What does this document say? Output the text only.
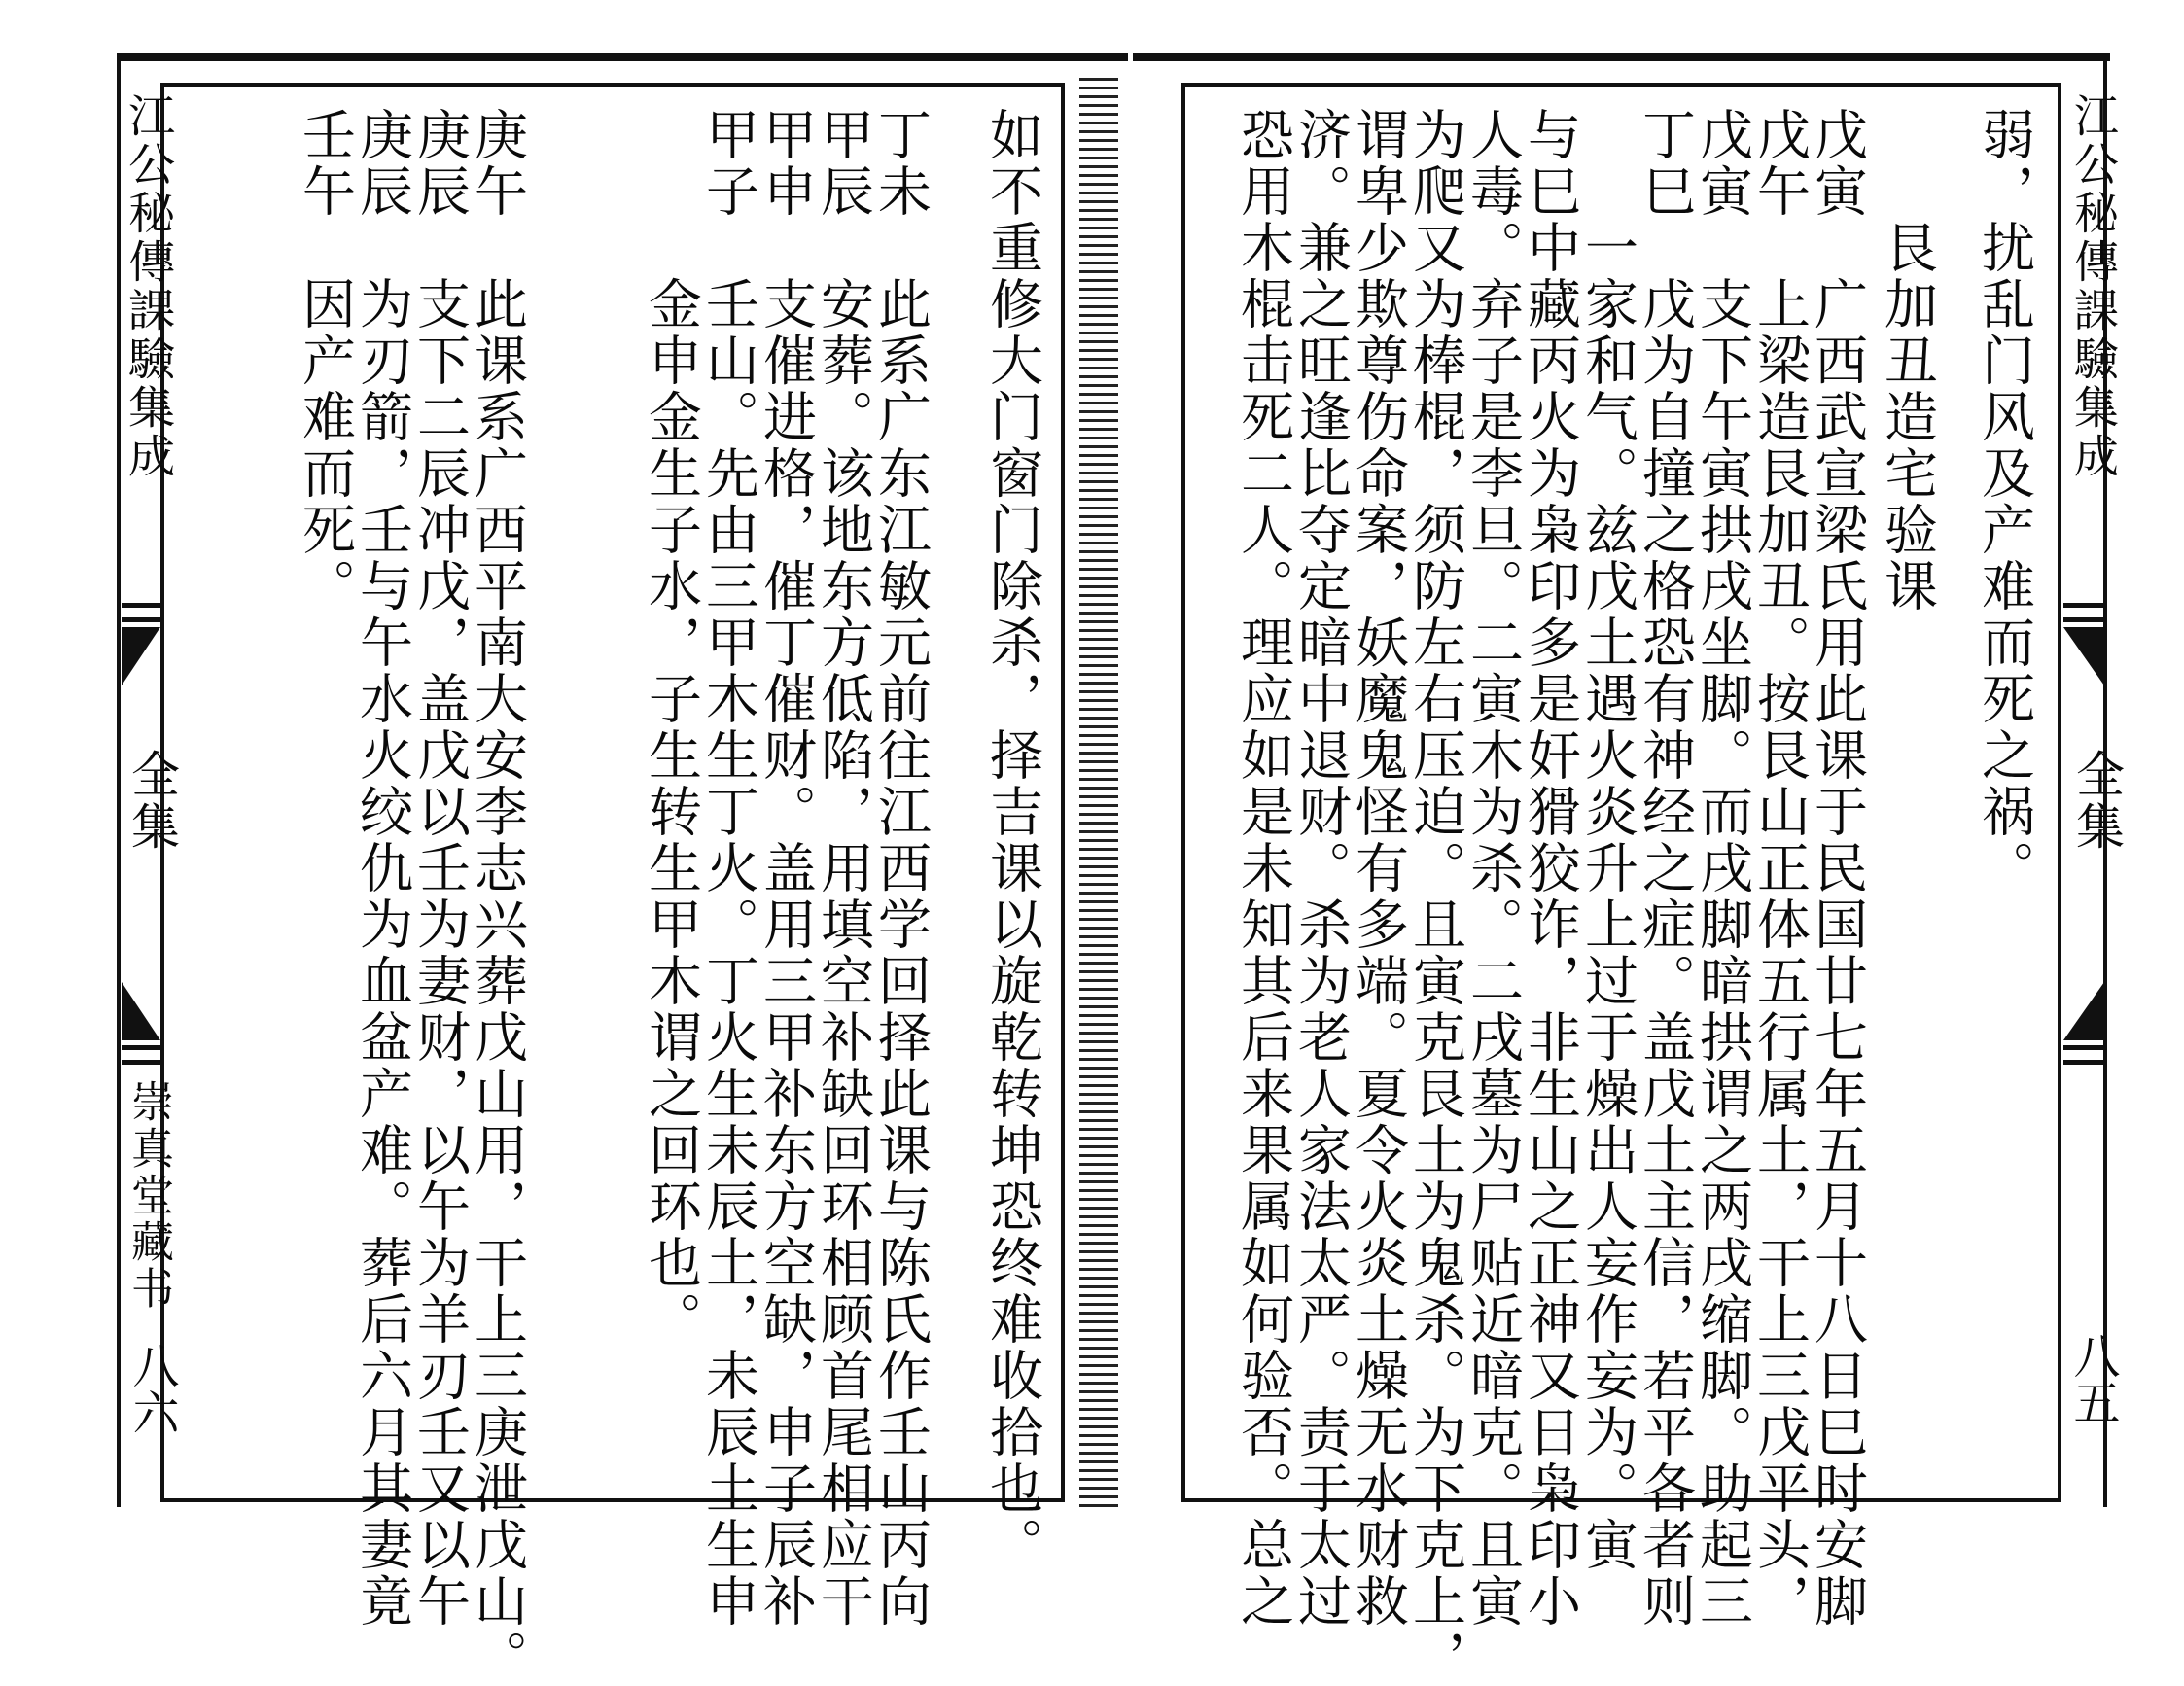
江公秘傳課驗集成
全集
崇真堂藏书
八六	如不重修大门窗门除杀，择吉课以旋乾转坤恐终难收拾也。
丁未　此系广东江敏元前往江西学回择此课与陈氏作壬山丙向
甲辰　安葬。该地东方低陷，用填空补缺回环相顾首尾相应干
甲申　支催进格，催丁催财。盖用三甲补东方空缺，申子辰补
甲子　壬山。先由三甲木生丁火。丁火生未辰土，未辰土生申
　　　金申金生子水，子生转生甲木谓之回环也。
庚午　此课系广西平南大安李志兴葬戊山用，干上三庚泄戊山。
庚辰　支下二辰冲戊，盖戊以壬为妻财，以午为羊刃壬又以午
庚辰　为刃箭，壬与午水火绞仇为血盆产难。葬后六月其妻竟
壬午　因产难而死。	江公秘傳課驗集成
全集
八五
弱，扰乱门风及产难而死之祸。
　　艮加丑造宅验课
戊寅　广西武宣梁氏用此课于民国廿七年五月十八日巳时安脚
戊午　上梁造艮加丑。按艮山正体五行属土，干上三戊平头，
戊寅　支下午寅拱戌坐脚。而戌脚暗拱谓之两戌缩脚。助起三
丁巳　戊为自撞之格恐有神经之症。盖戊土主信，若平各者则
　　一家和气。兹戊土遇火炎升上过于燥出人妄作妄为。寅
与巳中藏丙火为枭印多是奸猾狡诈，非生山之正神又日枭印小
人毒。弃子是李旦。二寅木为杀。二戌墓为尸贴近暗克。且寅
为爬又为棒棍，须防左右压迫。且寅克艮土为鬼杀。为下克上，
谓卑少欺尊伤命案，妖魔鬼怪有多端。夏令火炎土燥无水财救
济。兼之旺逢比夺定暗中退财。杀为老人家法太严。责于太过
恐用木棍击死二人。理应如是未知其后来果属如何验否。总之
